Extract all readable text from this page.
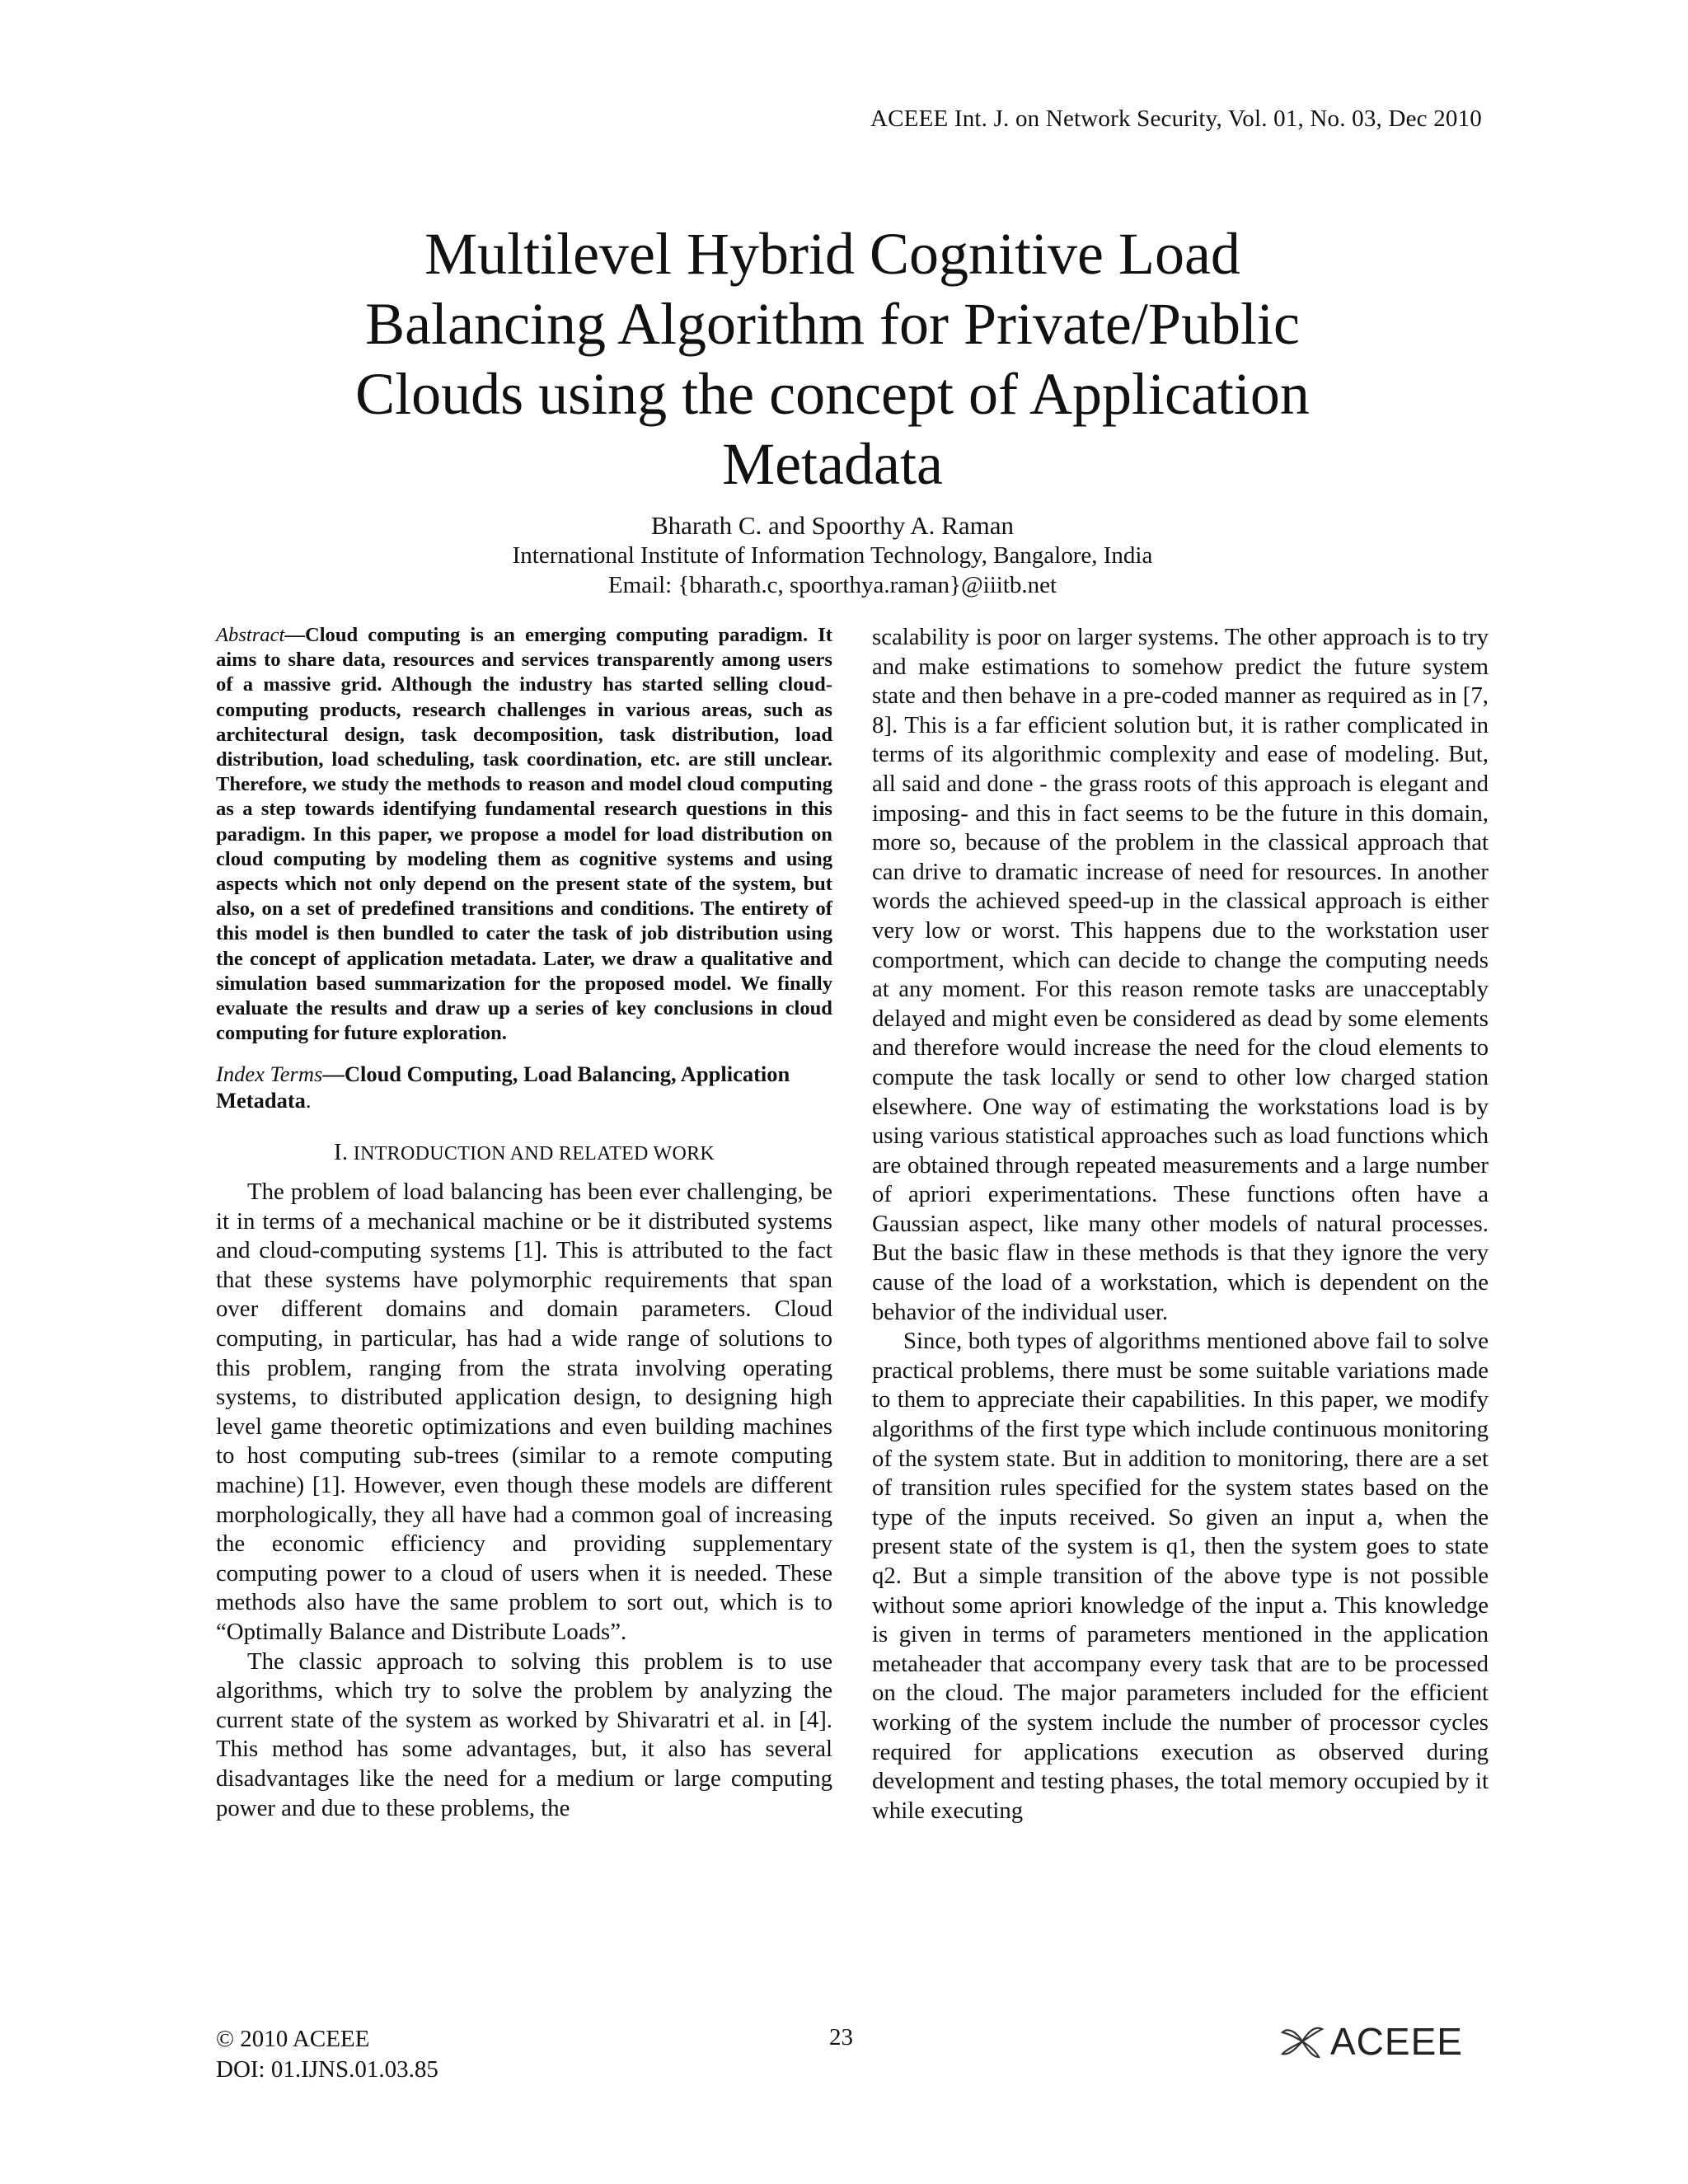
ACEEE Int. J. on Network Security, Vol. 01, No. 03, Dec 2010
Multilevel Hybrid Cognitive Load
Balancing Algorithm for Private/Public
Clouds using the concept of Application
Metadata
Bharath C. and Spoorthy A. Raman
International Institute of Information Technology, Bangalore, India
Email: {bharath.c, spoorthya.raman}@iiitb.net

Abstract—Cloud computing is an emerging computing paradigm. It aims to share data, resources and services transparently among users of a massive grid. Although the industry has started selling cloud-computing products, research challenges in various areas, such as architectural design, task decomposition, task distribution, load distribution, load scheduling, task coordination, etc. are still unclear. Therefore, we study the methods to reason and model cloud computing as a step towards identifying fundamental research questions in this paradigm. In this paper, we propose a model for load distribution on cloud computing by modeling them as cognitive systems and using aspects which not only depend on the present state of the system, but also, on a set of predefined transitions and conditions. The entirety of this model is then bundled to cater the task of job distribution using the concept of application metadata. Later, we draw a qualitative and simulation based summarization for the proposed model. We finally evaluate the results and draw up a series of key conclusions in cloud computing for future exploration.

Index Terms—Cloud Computing, Load Balancing, Application Metadata.

I. INTRODUCTION AND RELATED WORK

The problem of load balancing has been ever challenging, be it in terms of a mechanical machine or be it distributed systems and cloud-computing systems [1]. This is attributed to the fact that these systems have polymorphic requirements that span over different domains and domain parameters. Cloud computing, in particular, has had a wide range of solutions to this problem, ranging from the strata involving operating systems, to distributed application design, to designing high level game theoretic optimizations and even building machines to host computing sub-trees (similar to a remote computing machine) [1]. However, even though these models are different morphologically, they all have had a common goal of increasing the economic efficiency and providing supplementary computing power to a cloud of users when it is needed. These methods also have the same problem to sort out, which is to “Optimally Balance and Distribute Loads”.

The classic approach to solving this problem is to use algorithms, which try to solve the problem by analyzing the current state of the system as worked by Shivaratri et al. in [4]. This method has some advantages, but, it also has several disadvantages like the need for a medium or large computing power and due to these problems, the

scalability is poor on larger systems. The other approach is to try and make estimations to somehow predict the future system state and then behave in a pre-coded manner as required as in [7, 8]. This is a far efficient solution but, it is rather complicated in terms of its algorithmic complexity and ease of modeling. But, all said and done - the grass roots of this approach is elegant and imposing- and this in fact seems to be the future in this domain, more so, because of the problem in the classical approach that can drive to dramatic increase of need for resources. In another words the achieved speed-up in the classical approach is either very low or worst. This happens due to the workstation user comportment, which can decide to change the computing needs at any moment. For this reason remote tasks are unacceptably delayed and might even be considered as dead by some elements and therefore would increase the need for the cloud elements to compute the task locally or send to other low charged station elsewhere. One way of estimating the workstations load is by using various statistical approaches such as load functions which are obtained through repeated measurements and a large number of apriori experimentations. These functions often have a Gaussian aspect, like many other models of natural processes. But the basic flaw in these methods is that they ignore the very cause of the load of a workstation, which is dependent on the behavior of the individual user.

Since, both types of algorithms mentioned above fail to solve practical problems, there must be some suitable variations made to them to appreciate their capabilities. In this paper, we modify algorithms of the first type which include continuous monitoring of the system state. But in addition to monitoring, there are a set of transition rules specified for the system states based on the type of the inputs received. So given an input a, when the present state of the system is q1, then the system goes to state q2. But a simple transition of the above type is not possible without some apriori knowledge of the input a. This knowledge is given in terms of parameters mentioned in the application metaheader that accompany every task that are to be processed on the cloud. The major parameters included for the efficient working of the system include the number of processor cycles required for applications execution as observed during development and testing phases, the total memory occupied by it while executing

© 2010 ACEEE
DOI: 01.IJNS.01.03.85
23	ACEEE
